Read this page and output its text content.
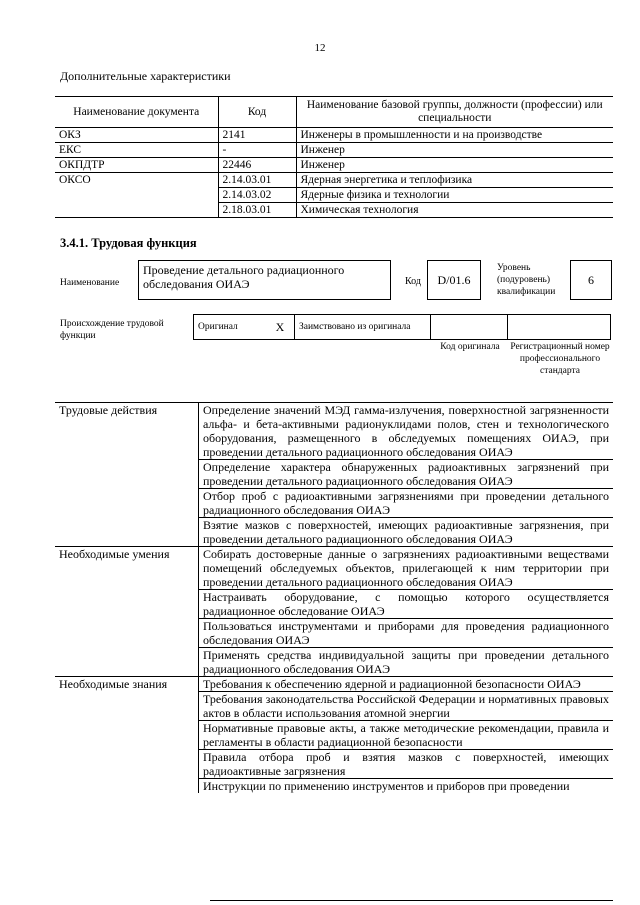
12
Дополнительные характеристики
Наименование документа	Код	Наименование базовой группы, должности (профессии) или специальности
ОКЗ	2141	Инженеры в промышленности и на производстве
ЕКС	-	Инженер
ОКПДТР	22446	Инженер
ОКСО	2.14.03.01	Ядерная энергетика и теплофизика
	2.14.03.02	Ядерные физика и технологии
	2.18.03.01	Химическая технология
3.4.1. Трудовая функция
Наименование
Проведение детального радиационного обследования ОИАЭ	Код	D/01.6
Уровень (подуровень) квалификации
6
Происхождение трудовой функции
Оригинал	X	Заимствовано из оригинала		
Код оригинала	Регистрационный номер профессионального стандарта
Трудовые действия	Определение значений МЭД гамма-излучения, поверхностной загрязненности альфа- и бета-активными радионуклидами полов, стен и технологического оборудования, размещенного в обследуемых помещениях ОИАЭ, при проведении детального радиационного обследования ОИАЭ
	Определение характера обнаруженных радиоактивных загрязнений при проведении детального радиационного обследования ОИАЭ
	Отбор проб с радиоактивными загрязнениями при проведении детального радиационного обследования ОИАЭ
	Взятие мазков с поверхностей, имеющих радиоактивные загрязнения, при проведении детального радиационного обследования ОИАЭ
Необходимые умения	Собирать достоверные данные о загрязнениях радиоактивными веществами помещений обследуемых объектов, прилегающей к ним территории при проведении детального радиационного обследования ОИАЭ
	Настраивать оборудование, с помощью которого осуществляется радиационное обследование ОИАЭ
	Пользоваться инструментами и приборами для проведения радиационного обследования ОИАЭ
	Применять средства индивидуальной защиты при проведении детального радиационного обследования ОИАЭ
Необходимые знания	Требования к обеспечению ядерной и радиационной безопасности ОИАЭ
	Требования законодательства Российской Федерации и нормативных правовых актов в области использования атомной энергии
	Нормативные правовые акты, а также методические рекомендации, правила и регламенты в области радиационной безопасности
	Правила отбора проб и взятия мазков с поверхностей, имеющих радиоактивные загрязнения
	Инструкции по применению инструментов и приборов при проведении
